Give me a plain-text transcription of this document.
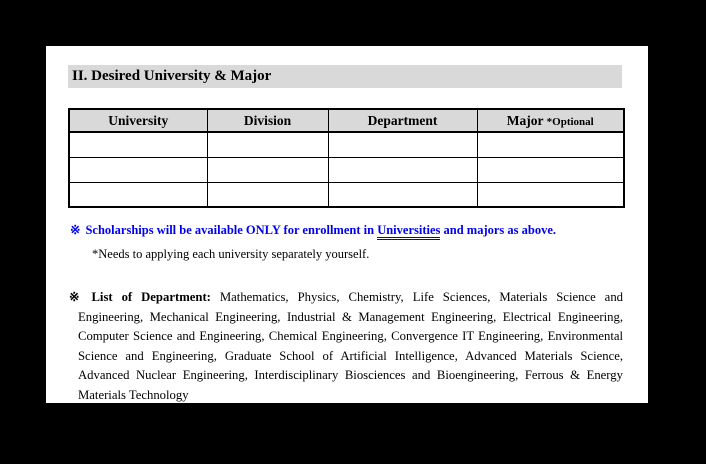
II. Desired University & Major
University	Division	Department	Major *Optional

※ Scholarships will be available ONLY for enrollment in Universities and majors as above.

*Needs to applying each university separately yourself.

※ List of Department: Mathematics, Physics, Chemistry, Life Sciences, Materials Science and Engineering, Mechanical Engineering, Industrial & Management Engineering, Electrical Engineering, Computer Science and Engineering, Chemical Engineering, Convergence IT Engineering, Environmental Science and Engineering, Graduate School of Artificial Intelligence, Advanced Materials Science, Advanced Nuclear Engineering, Interdisciplinary Biosciences and Bioengineering, Ferrous & Energy Materials Technology
